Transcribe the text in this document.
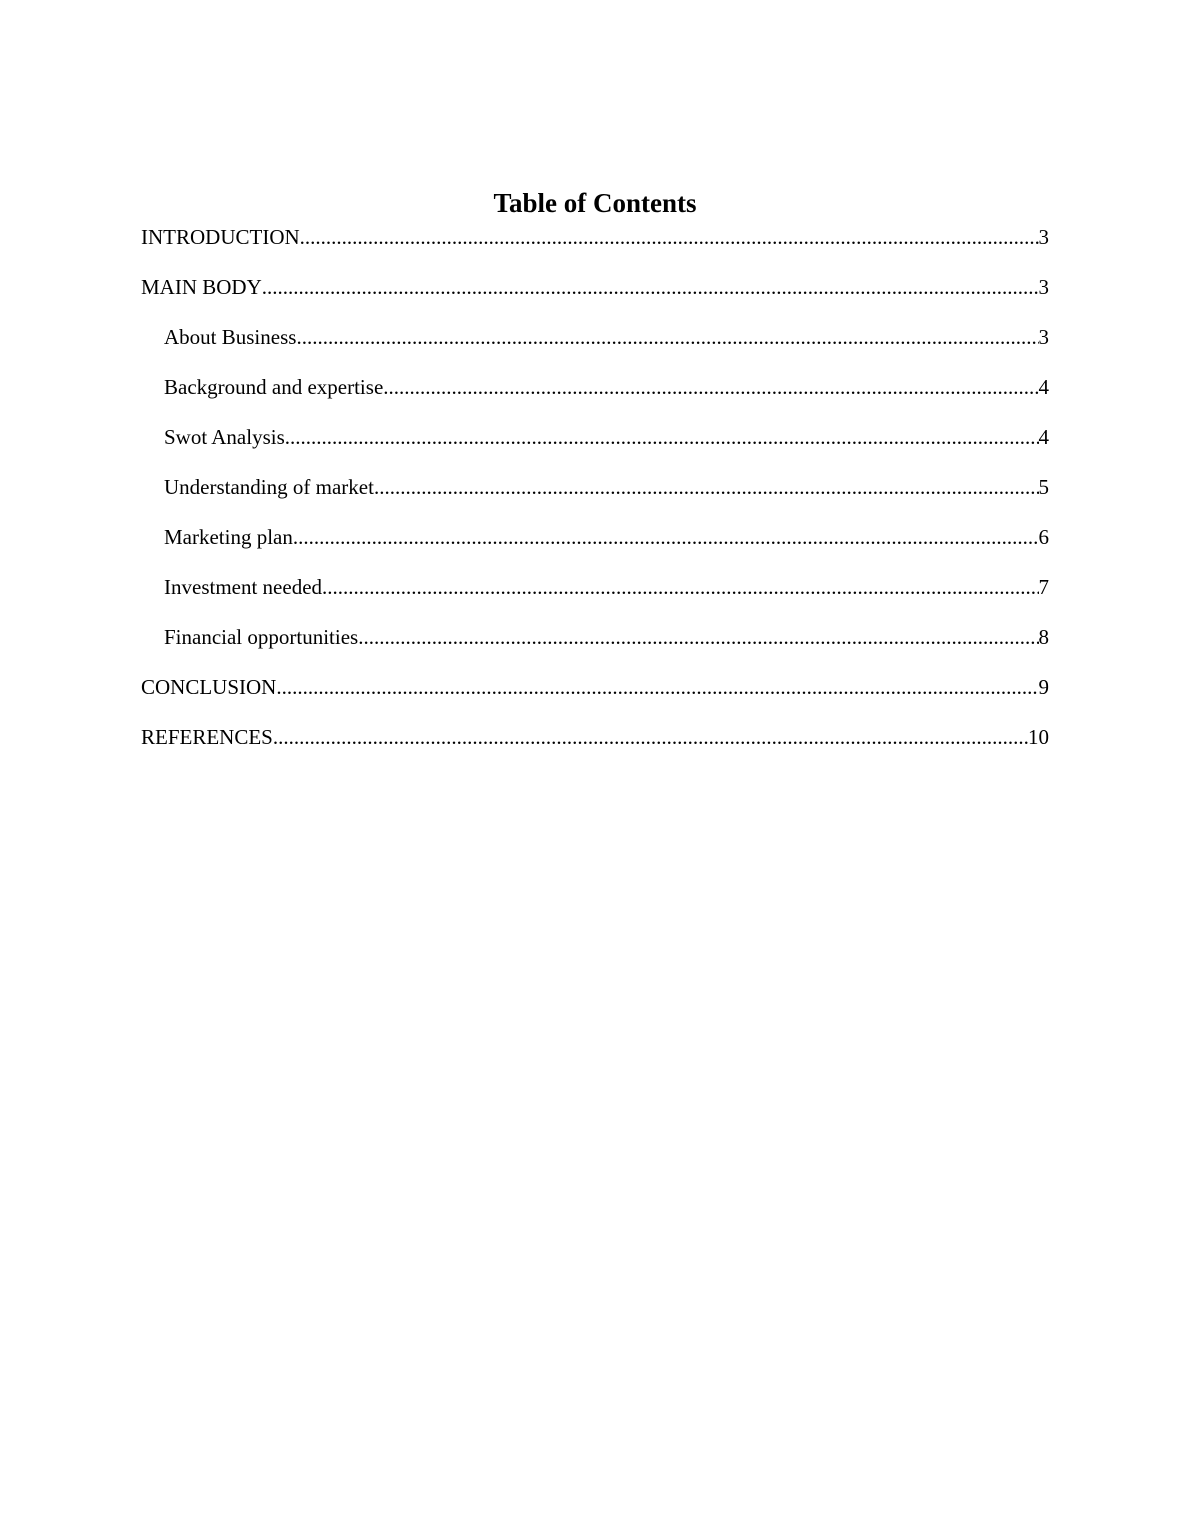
Table of Contents
INTRODUCTION .....	3
MAIN BODY .....	3
About Business .....	3
Background and expertise .....	4
Swot Analysis .....	4
Understanding of market .....	5
Marketing plan .....	6
Investment needed .....	7
Financial opportunities .....	8
CONCLUSION .....	9
REFERENCES .....	10
